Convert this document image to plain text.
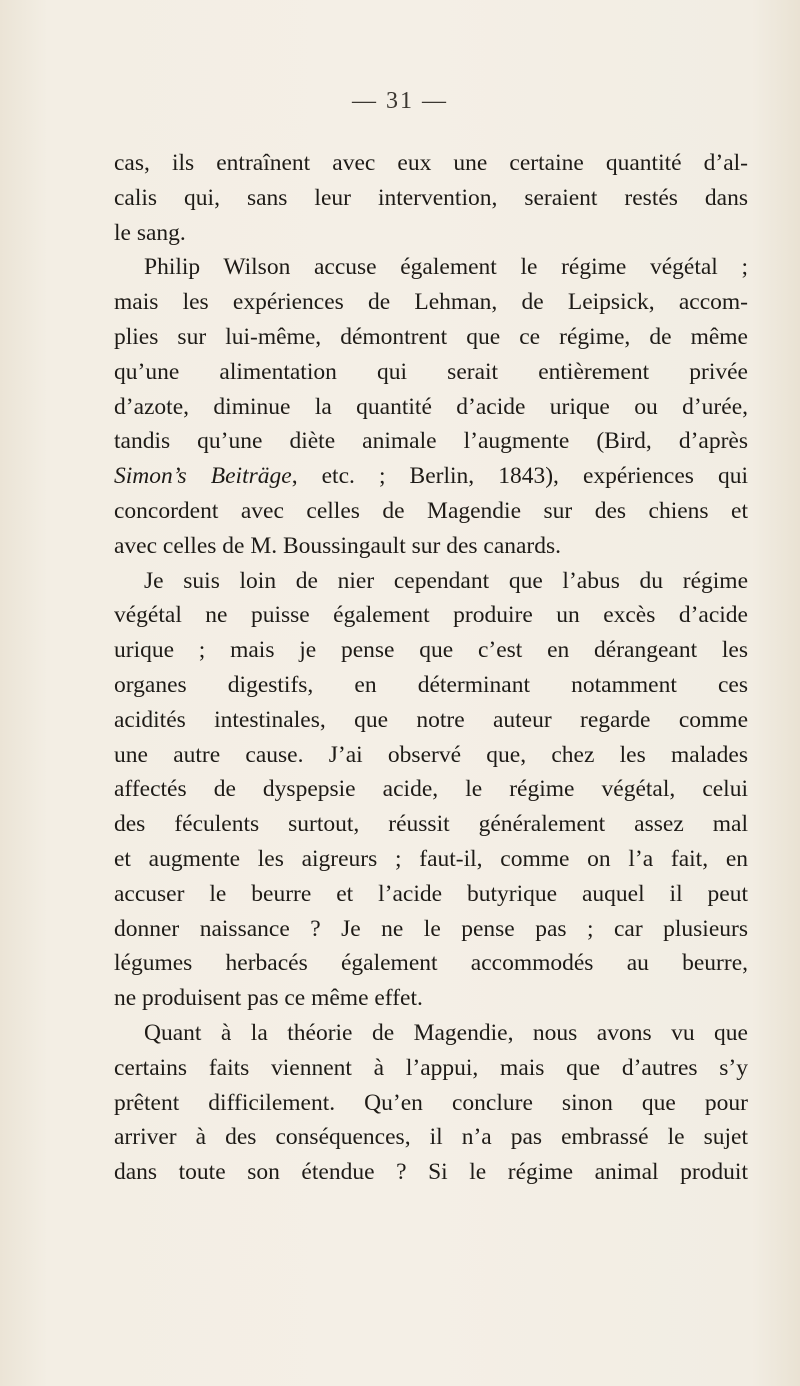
— 31 —

cas, ils entraînent avec eux une certaine quantité d’al-

calis qui, sans leur intervention, seraient restés dans

le sang.

Philip Wilson accuse également le régime végétal ;

mais les expériences de Lehman, de Leipsick, accom-

plies sur lui-même, démontrent que ce régime, de même

qu’une alimentation qui serait entièrement privée

d’azote, diminue la quantité d’acide urique ou d’urée,

tandis qu’une diète animale l’augmente (Bird, d’après

Simon’s Beiträge, etc. ; Berlin, 1843), expériences qui

concordent avec celles de Magendie sur des chiens et

avec celles de M. Boussingault sur des canards.

Je suis loin de nier cependant que l’abus du régime

végétal ne puisse également produire un excès d’acide

urique ; mais je pense que c’est en dérangeant les

organes digestifs, en déterminant notamment ces

acidités intestinales, que notre auteur regarde comme

une autre cause. J’ai observé que, chez les malades

affectés de dyspepsie acide, le régime végétal, celui

des féculents surtout, réussit généralement assez mal

et augmente les aigreurs ; faut-il, comme on l’a fait, en

accuser le beurre et l’acide butyrique auquel il peut

donner naissance ? Je ne le pense pas ; car plusieurs

légumes herbacés également accommodés au beurre,

ne produisent pas ce même effet.

Quant à la théorie de Magendie, nous avons vu que

certains faits viennent à l’appui, mais que d’autres s’y

prêtent difficilement. Qu’en conclure sinon que pour

arriver à des conséquences, il n’a pas embrassé le sujet

dans toute son étendue ? Si le régime animal produit
